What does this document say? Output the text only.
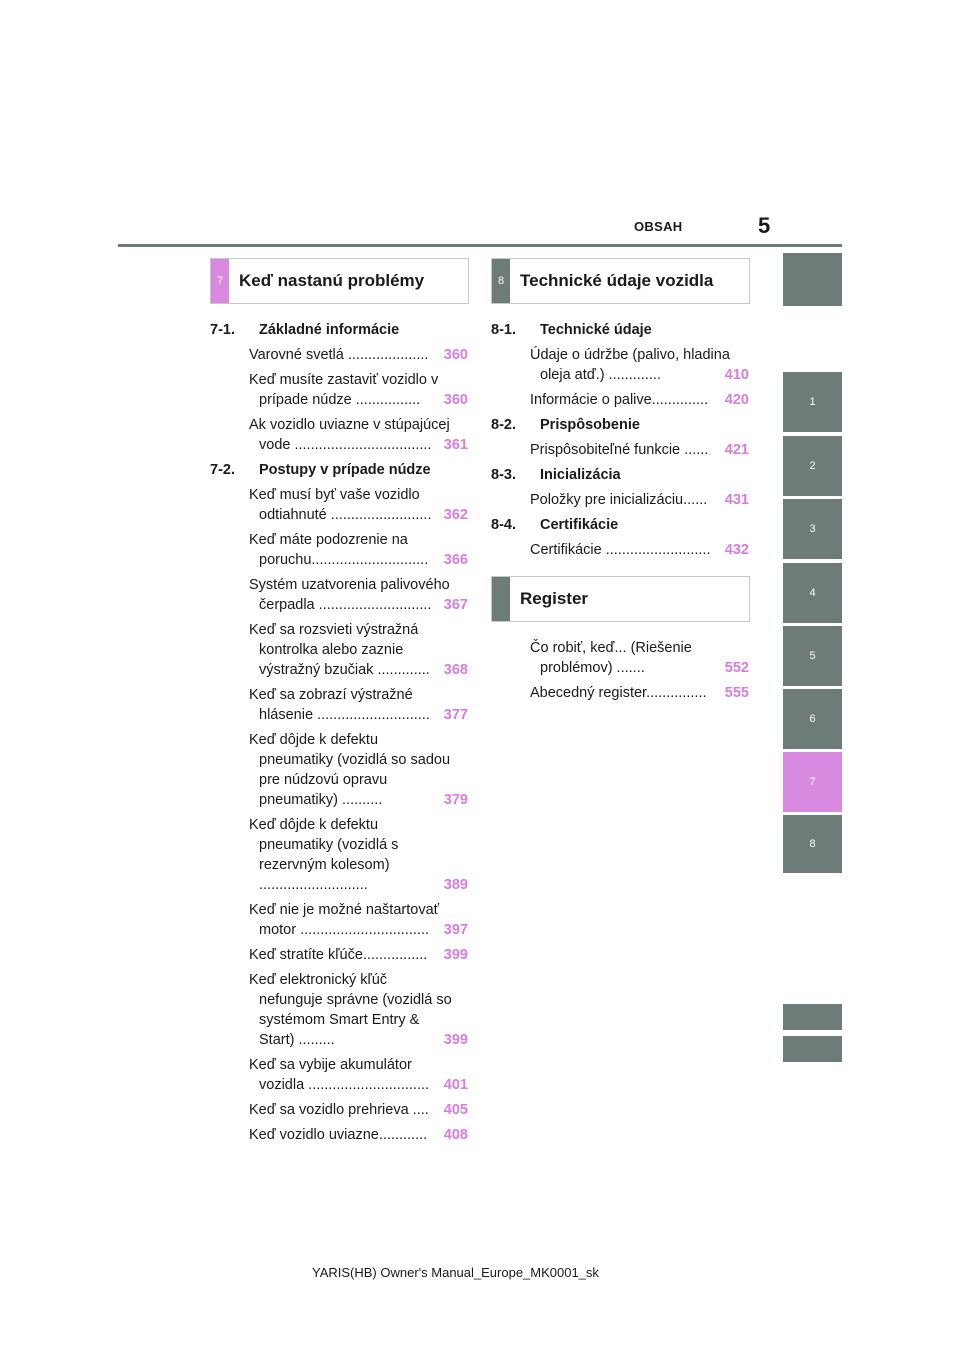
OBSAH	5
7 Keď nastanú problémy	8 Technické údaje vozidla
Register
7-1.	Základné informácie
Varovné svetlá ....................	360
Keď musíte zastaviť vozidlo v prípade núdze ................	360
Ak vozidlo uviazne v stúpajúcej vode .................................. 361
7-2.	Postupy v prípade núdze
Keď musí byť vaše vozidlo odtiahnuté ......................... 362
Keď máte podozrenie na poruchu.............................	366
Systém uzatvorenia palivového čerpadla ............................ 367
Keď sa rozsvieti výstražná kontrolka alebo zaznie výstražný bzučiak ............. 368
Keď sa zobrazí výstražné hlásenie ............................ 377
Keď dôjde k defektu pneumatiky (vozidlá so sadou pre núdzovú opravu pneumatiky) ..........	379
Keď dôjde k defektu pneumatiky (vozidlá s rezervným kolesom) ...........................	389
Keď nie je možné naštartovať motor ................................	397
Keď stratíte kľúče................	399
Keď elektronický kľúč nefunguje správne (vozidlá so systémom Smart Entry & Start) .........	399
Keď sa vybije akumulátor vozidla ..............................	401
Keď sa vozidlo prehrieva ....	405
Keď vozidlo uviazne............	408
8-1.	Technické údaje
Údaje o údržbe (palivo, hladina oleja atď.) .............	410
Informácie o palive..............	420
8-2.	Prispôsobenie
Prispôsobiteľné funkcie ......	421
8-3.	Inicializácia
Položky pre inicializáciu......	431
8-4.	Certifikácie
Certifikácie .......................... 432
Čo robiť, keď... (Riešenie problémov) .......	552
Abecedný register...............	555
1
2
3
4
5
6
7
8
YARIS(HB) Owner's Manual_Europe_MK0001_sk
